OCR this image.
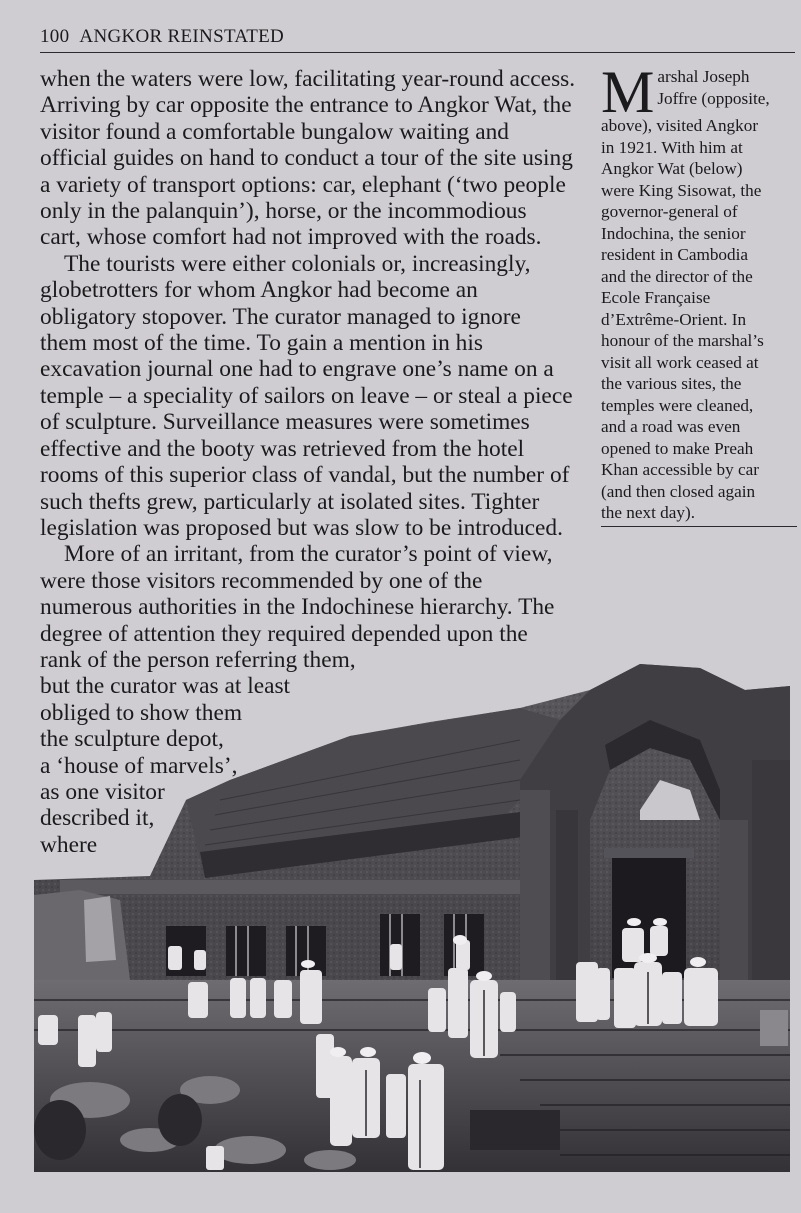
100 ANGKOR REINSTATED

when the waters were low, facilitating year-round access.
Arriving by car opposite the entrance to Angkor Wat, the
visitor found a comfortable bungalow waiting and
official guides on hand to conduct a tour of the site using
a variety of transport options: car, elephant (‘two people
only in the palanquin’), horse, or the incommodious
cart, whose comfort had not improved with the roads.

The tourists were either colonials or, increasingly,
globetrotters for whom Angkor had become an
obligatory stopover. The curator managed to ignore
them most of the time. To gain a mention in his
excavation journal one had to engrave one’s name on a
temple – a speciality of sailors on leave – or steal a piece
of sculpture. Surveillance measures were sometimes
effective and the booty was retrieved from the hotel
rooms of this superior class of vandal, but the number of
such thefts grew, particularly at isolated sites. Tighter
legislation was proposed but was slow to be introduced.

More of an irritant, from the curator’s point of view,
were those visitors recommended by one of the
numerous authorities in the Indochinese hierarchy. The
degree of attention they required depended upon the
rank of the person referring them,
but the curator was at least
obliged to show them
the sculpture depot,
a ‘house of marvels’,
as one visitor
described it,
where

M arshal Joseph
Joffre (opposite,
above), visited Angkor
in 1921. With him at
Angkor Wat (below)
were King Sisowat, the
governor-general of
Indochina, the senior
resident in Cambodia
and the director of the
Ecole Française
d’Extrême-Orient. In
honour of the marshal’s
visit all work ceased at
the various sites, the
temples were cleaned,
and a road was even
opened to make Preah
Khan accessible by car
(and then closed again
the next day).
